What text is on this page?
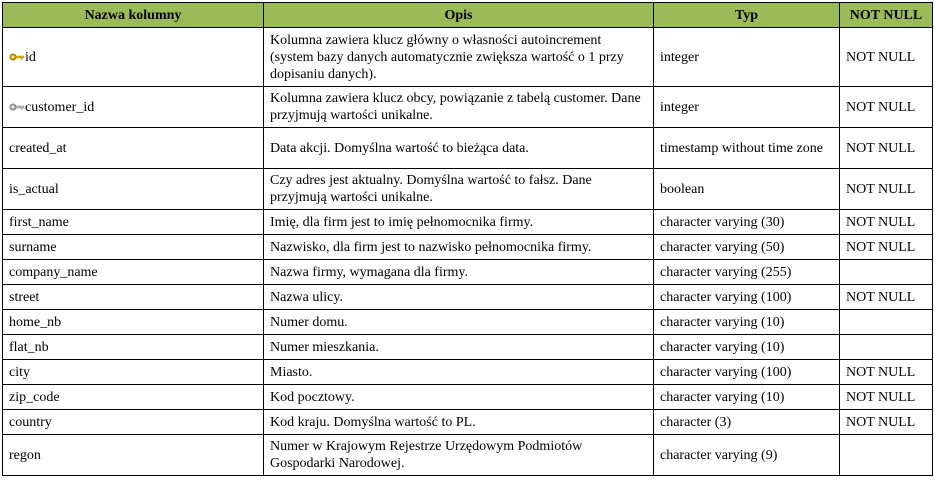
Nazwa kolumny	Opis	Typ	NOT NULL

id	Kolumna zawiera klucz główny o własności autoincrement (system bazy danych automatycznie zwiększa wartość o 1 przy dopisaniu danych).	integer	NOT NULL

customer_id	Kolumna zawiera klucz obcy, powiązanie z tabelą customer. Dane przyjmują wartości unikalne.	integer	NOT NULL
created_at	Data akcji. Domyślna wartość to bieżąca data.	timestamp without time zone	NOT NULL
is_actual	Czy adres jest aktualny. Domyślna wartość to fałsz. Dane przyjmują wartości unikalne.	boolean	NOT NULL
first_name	Imię, dla firm jest to imię pełnomocnika firmy.	character varying (30)	NOT NULL
surname	Nazwisko, dla firm jest to nazwisko pełnomocnika firmy.	character varying (50)	NOT NULL
company_name	Nazwa firmy, wymagana dla firmy.	character varying (255)	
street	Nazwa ulicy.	character varying (100)	NOT NULL
home_nb	Numer domu.	character varying (10)	
flat_nb	Numer mieszkania.	character varying (10)	
city	Miasto.	character varying (100)	NOT NULL
zip_code	Kod pocztowy.	character varying (10)	NOT NULL
country	Kod kraju. Domyślna wartość to PL.	character (3)	NOT NULL
regon	Numer w Krajowym Rejestrze Urzędowym Podmiotów Gospodarki Narodowej.	character varying (9)	
